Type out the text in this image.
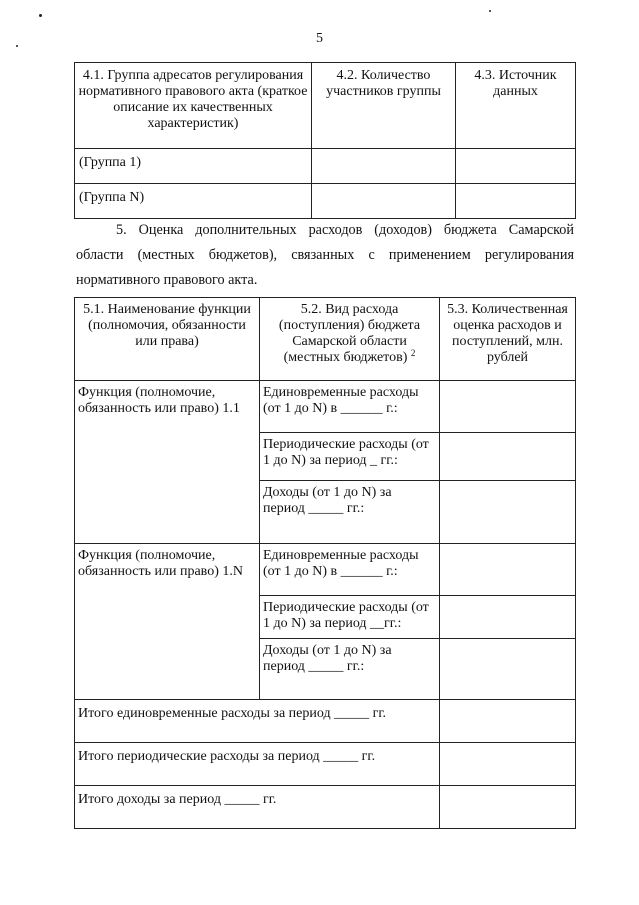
5
4.1. Группа адресатов регулирования нормативного правового акта (краткое описание их качественных характеристик)	4.2. Количество участников группы	4.3. Источник данных
(Группа 1)		
(Группа N)		
5. Оценка дополнительных расходов (доходов) бюджета Самарской
области (местных бюджетов), связанных с применением регулирования
нормативного правового акта.
5.1. Наименование функции (полномочия, обязанности или права)	5.2. Вид расхода (поступления) бюджета Самарской области (местных бюджетов) $^2$	5.3. Количественная оценка расходов и поступлений, млн. рублей
Функция (полномочие, обязанность или право) 1.1	Единовременные расходы (от 1 до N) в ______ г.:	
	Периодические расходы (от 1 до N) за период _ гг.:	
	Доходы (от 1 до N) за период _____ гг.:	
Функция (полномочие, обязанность или право) 1.N	Единовременные расходы (от 1 до N) в ______ г.:	
	Периодические расходы (от 1 до N) за период __гг.:	
	Доходы (от 1 до N) за период _____ гг.:	
Итого единовременные расходы за период _____ гг.		
Итого периодические расходы за период _____ гг.		
Итого доходы за период _____ гг.		
